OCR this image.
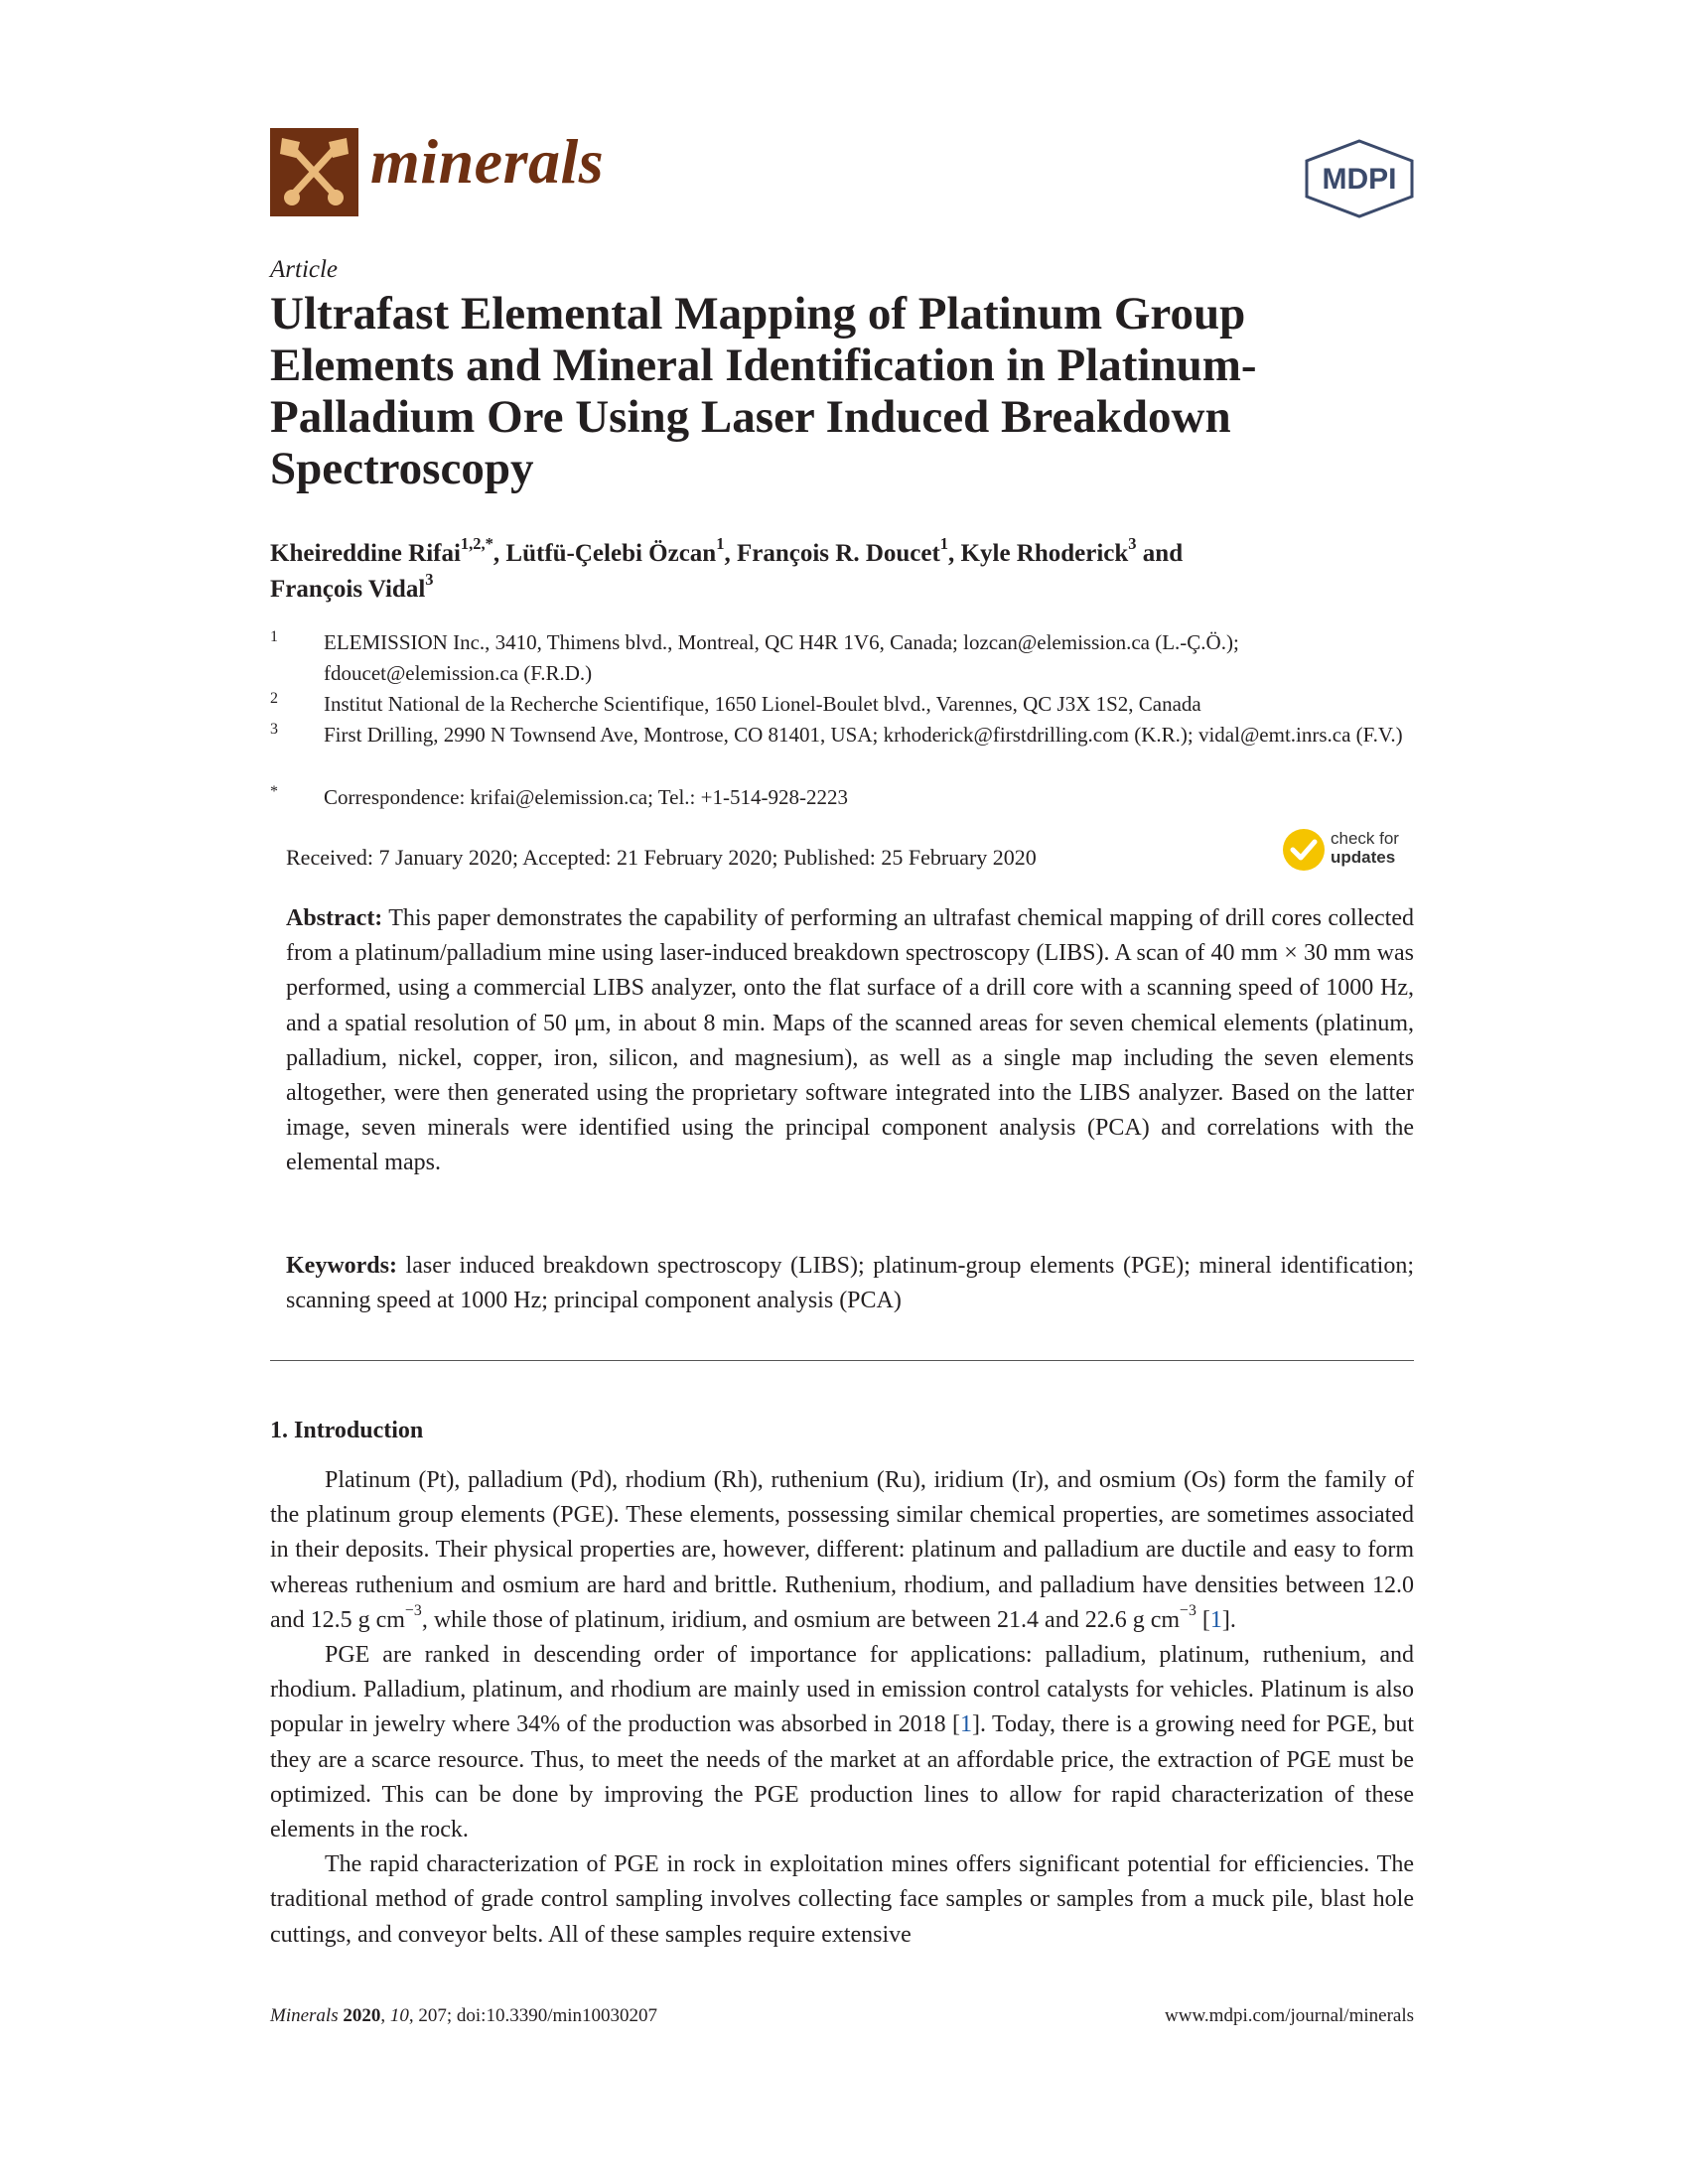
minerals	MDPI
Article
Ultrafast Elemental Mapping of Platinum Group Elements and Mineral Identification in Platinum-Palladium Ore Using Laser Induced Breakdown Spectroscopy
Kheireddine Rifai$^{1,2,*}$, Lütfü-Çelebi Özcan$^1$, François R. Doucet$^1$, Kyle Rhoderick$^3$ and
François Vidal$^3$
1	ELEMISSION Inc., 3410, Thimens blvd., Montreal, QC H4R 1V6, Canada; lozcan@elemission.ca (L.-Ç.Ö.); fdoucet@elemission.ca (F.R.D.)
2	Institut National de la Recherche Scientifique, 1650 Lionel-Boulet blvd., Varennes, QC J3X 1S2, Canada
3	First Drilling, 2990 N Townsend Ave, Montrose, CO 81401, USA; krhoderick@firstdrilling.com (K.R.); vidal@emt.inrs.ca (F.V.)
*	Correspondence: krifai@elemission.ca; Tel.: +1-514-928-2223
Received: 7 January 2020; Accepted: 21 February 2020; Published: 25 February 2020
check for
updates
Abstract: This paper demonstrates the capability of performing an ultrafast chemical mapping of drill cores collected from a platinum/palladium mine using laser-induced breakdown spectroscopy (LIBS). A scan of 40 mm × 30 mm was performed, using a commercial LIBS analyzer, onto the flat surface of a drill core with a scanning speed of 1000 Hz, and a spatial resolution of 50 μm, in about 8 min. Maps of the scanned areas for seven chemical elements (platinum, palladium, nickel, copper, iron, silicon, and magnesium), as well as a single map including the seven elements altogether, were then generated using the proprietary software integrated into the LIBS analyzer. Based on the latter image, seven minerals were identified using the principal component analysis (PCA) and correlations with the elemental maps.
Keywords: laser induced breakdown spectroscopy (LIBS); platinum-group elements (PGE); mineral identification; scanning speed at 1000 Hz; principal component analysis (PCA)
1. Introduction

Platinum (Pt), palladium (Pd), rhodium (Rh), ruthenium (Ru), iridium (Ir), and osmium (Os) form the family of the platinum group elements (PGE). These elements, possessing similar chemical properties, are sometimes associated in their deposits. Their physical properties are, however, different: platinum and palladium are ductile and easy to form whereas ruthenium and osmium are hard and brittle. Ruthenium, rhodium, and palladium have densities between 12.0 and 12.5 g $cm^{-3}$, while those of platinum, iridium, and osmium are between 21.4 and 22.6 g $cm^{-3}$ [1].

PGE are ranked in descending order of importance for applications: palladium, platinum, ruthenium, and rhodium. Palladium, platinum, and rhodium are mainly used in emission control catalysts for vehicles. Platinum is also popular in jewelry where 34% of the production was absorbed in 2018 [1]. Today, there is a growing need for PGE, but they are a scarce resource. Thus, to meet the needs of the market at an affordable price, the extraction of PGE must be optimized. This can be done by improving the PGE production lines to allow for rapid characterization of these elements in the rock.

The rapid characterization of PGE in rock in exploitation mines offers significant potential for efficiencies. The traditional method of grade control sampling involves collecting face samples or samples from a muck pile, blast hole cuttings, and conveyor belts. All of these samples require extensive

Minerals 2020, 10, 207; doi:10.3390/min10030207	www.mdpi.com/journal/minerals
